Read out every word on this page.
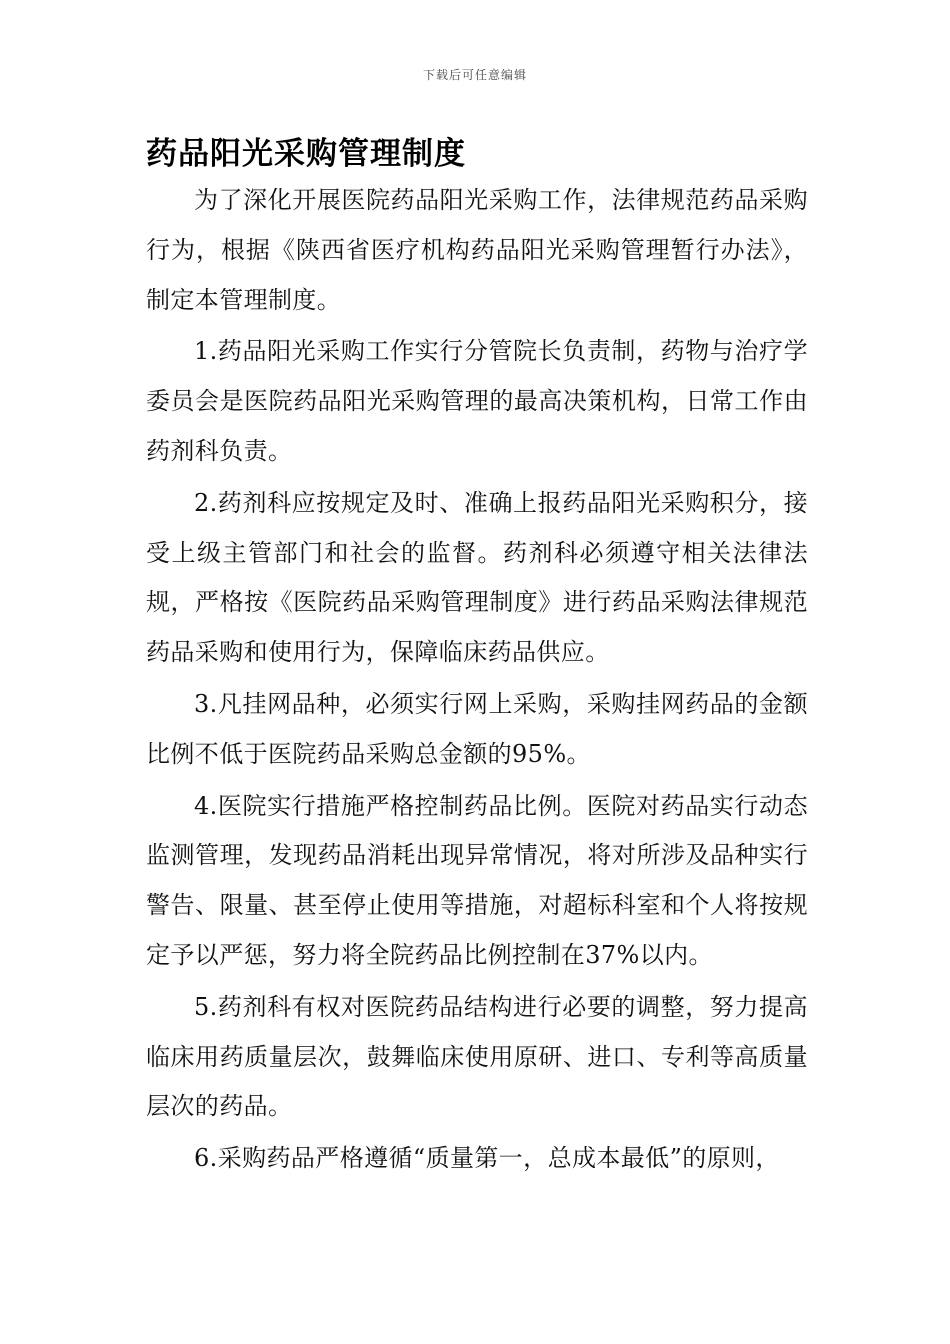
下载后可任意编辑
药品阳光采购管理制度

为了深化开展医院药品阳光采购工作，法律规范药品采购行为，根据《陕西省医疗机构药品阳光采购管理暂行办法》，制定本管理制度。

1.药品阳光采购工作实行分管院长负责制，药物与治疗学委员会是医院药品阳光采购管理的最高决策机构，日常工作由药剂科负责。

2.药剂科应按规定及时、准确上报药品阳光采购积分，接受上级主管部门和社会的监督。药剂科必须遵守相关法律法规，严格按《医院药品采购管理制度》进行药品采购法律规范药品采购和使用行为，保障临床药品供应。

3.凡挂网品种，必须实行网上采购，采购挂网药品的金额比例不低于医院药品采购总金额的95%。

4.医院实行措施严格控制药品比例。医院对药品实行动态监测管理，发现药品消耗出现异常情况，将对所涉及品种实行警告、限量、甚至停止使用等措施，对超标科室和个人将按规定予以严惩，努力将全院药品比例控制在37%以内。

5.药剂科有权对医院药品结构进行必要的调整，努力提高临床用药质量层次，鼓舞临床使用原研、进口、专利等高质量层次的药品。

6.采购药品严格遵循“质量第一，总成本最低”的原则，
